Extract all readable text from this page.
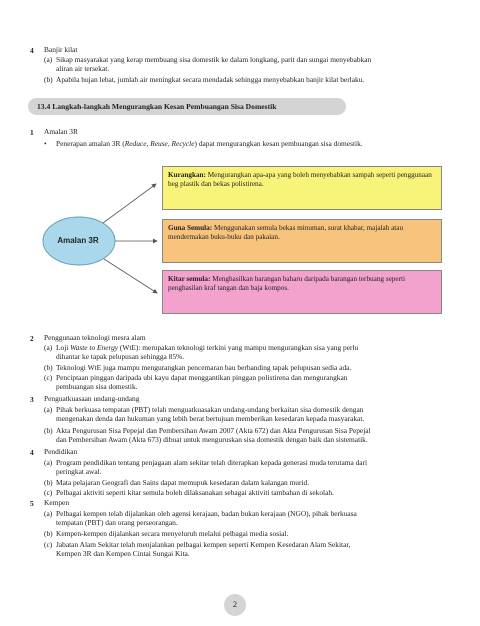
4 Banjir kilat
(a) Sikap masyarakat yang kerap membuang sisa domestik ke dalam longkang, parit dan sungai menyebabkan
aliran air tersekat.
(b) Apabila hujan lebat, jumlah air meningkat secara mendadak sehingga menyebabkan banjir kilat berlaku.
13.4 Langkah-langkah Mengurangkan Kesan Pembuangan Sisa Domestik
1 Amalan 3R
• Penerapan amalan 3R (Reduce, Reuse, Recycle) dapat mengurangkan kesan pembuangan sisa domestik.
Amalan 3R
Kurangkan: Mengurangkan apa-apa yang boleh menyebabkan sampah seperti penggunaan beg plastik dan bekas polistirena.
Guna Semula: Menggunakan semula bekas minuman, surat khabar, majalah atau mendermakan buku-buku dan pakaian.
Kitar semula: Menghasilkan barangan baharu daripada barangan terbuang seperti penghasilan kraf tangan dan baja kompos.
2 Penggunaan teknologi mesra alam
(a) Loji Waste to Energy (WtE): merupakan teknologi terkini yang mampu mengurangkan sisa yang perlu
dihantar ke tapak pelupusan sehingga 85%.
(b) Teknologi WtE juga mampu mengurangkan pencemaran bau berbanding tapak pelupusan sedia ada.
(c) Penciptaan pinggan daripada ubi kayu dapat menggantikan pinggan polistirena dan mengurangkan
pembuangan sisa domestik.
3 Penguatkuasaan undang-undang
(a) Pihak berkuasa tempatan (PBT) telah menguatkuasakan undang-undang berkaitan sisa domestik dengan
mengenakan denda dan hukuman yang lebih berat bertujuan memberikan kesedaran kepada masyarakat.
(b) Akta Pengurusan Sisa Pepejal dan Pembersihan Awam 2007 (Akta 672) dan Akta Pengurusan Sisa Pepejal
dan Pembersihan Awam (Akta 673) dibuat untuk menguruskan sisa domestik dengan baik dan sistematik.
4 Pendidikan
(a) Program pendidikan tentang penjagaan alam sekitar telah diterapkan kepada generasi muda terutama dari
peringkat awal.
(b) Mata pelajaran Geografi dan Sains dapat memupuk kesedaran dalam kalangan murid.
(c) Pelbagai aktiviti seperti kitar semula boleh dilaksanakan sebagai aktiviti tambahan di sekolah.
5 Kempen
(a) Pelbagai kempen telah dijalankan oleh agensi kerajaan, badan bukan kerajaan (NGO), pihak berkuasa
tempatan (PBT) dan orang perseorangan.
(b) Kempen-kempen dijalankan secara menyeluruh melalui pelbagai media sosial.
(c) Jabatan Alam Sekitar telah menjalankan pelbagai kempen seperti Kempen Kesedaran Alam Sekitar,
Kempen 3R dan Kempen Cintai Sungai Kita.
2
